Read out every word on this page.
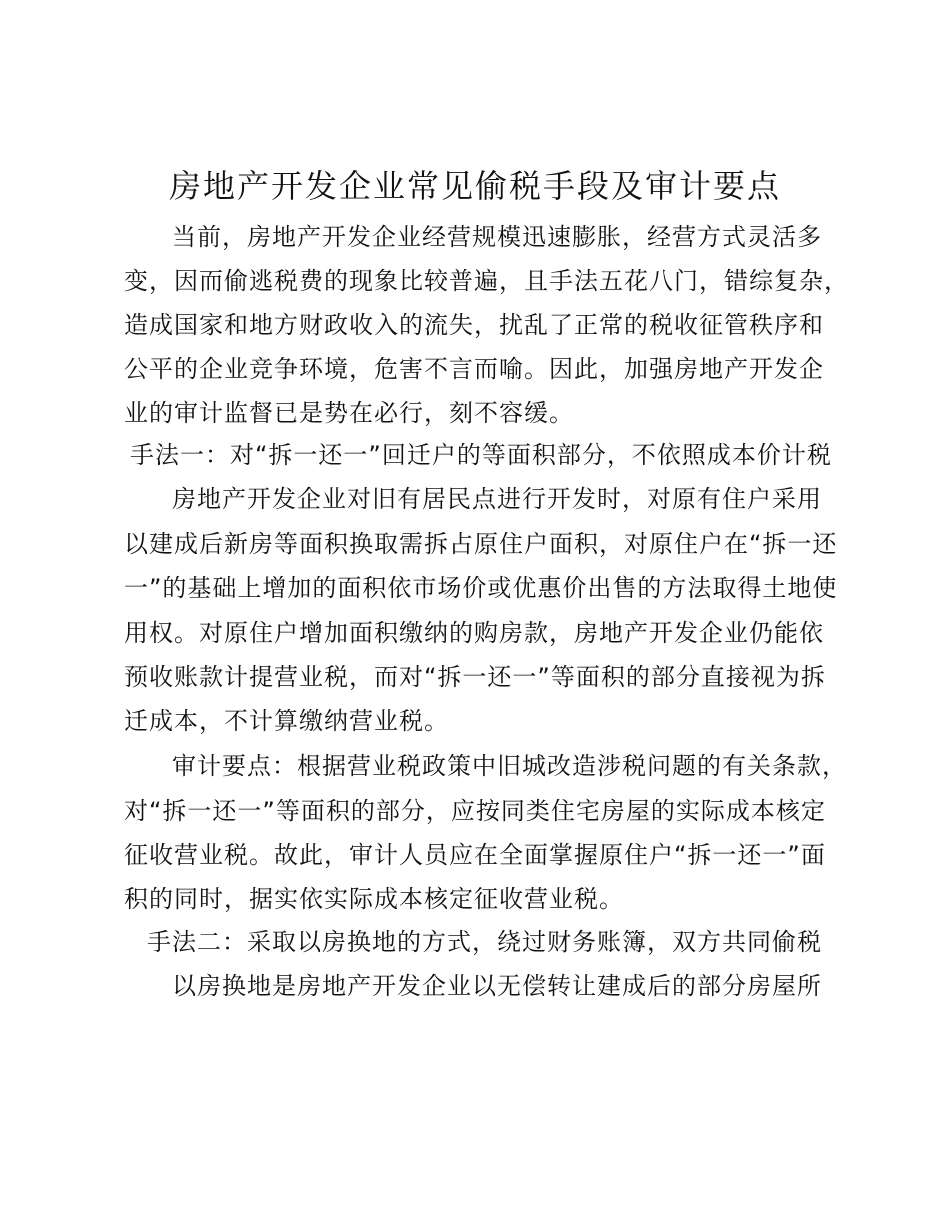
房地产开发企业常见偷税手段及审计要点
当前，房地产开发企业经营规模迅速膨胀，经营方式灵活多
变，因而偷逃税费的现象比较普遍，且手法五花八门，错综复杂，
造成国家和地方财政收入的流失，扰乱了正常的税收征管秩序和
公平的企业竞争环境，危害不言而喻。因此，加强房地产开发企
业的审计监督已是势在必行，刻不容缓。
手法一：对“拆一还一”回迁户的等面积部分，不依照成本价计税
房地产开发企业对旧有居民点进行开发时，对原有住户采用
以建成后新房等面积换取需拆占原住户面积，对原住户在“拆一还
一”的基础上增加的面积依市场价或优惠价出售的方法取得土地使
用权。对原住户增加面积缴纳的购房款，房地产开发企业仍能依
预收账款计提营业税，而对“拆一还一”等面积的部分直接视为拆
迁成本，不计算缴纳营业税。
审计要点：根据营业税政策中旧城改造涉税问题的有关条款，
对“拆一还一”等面积的部分，应按同类住宅房屋的实际成本核定
征收营业税。故此，审计人员应在全面掌握原住户“拆一还一”面
积的同时，据实依实际成本核定征收营业税。
手法二：采取以房换地的方式，绕过财务账簿，双方共同偷税
以房换地是房地产开发企业以无偿转让建成后的部分房屋所
